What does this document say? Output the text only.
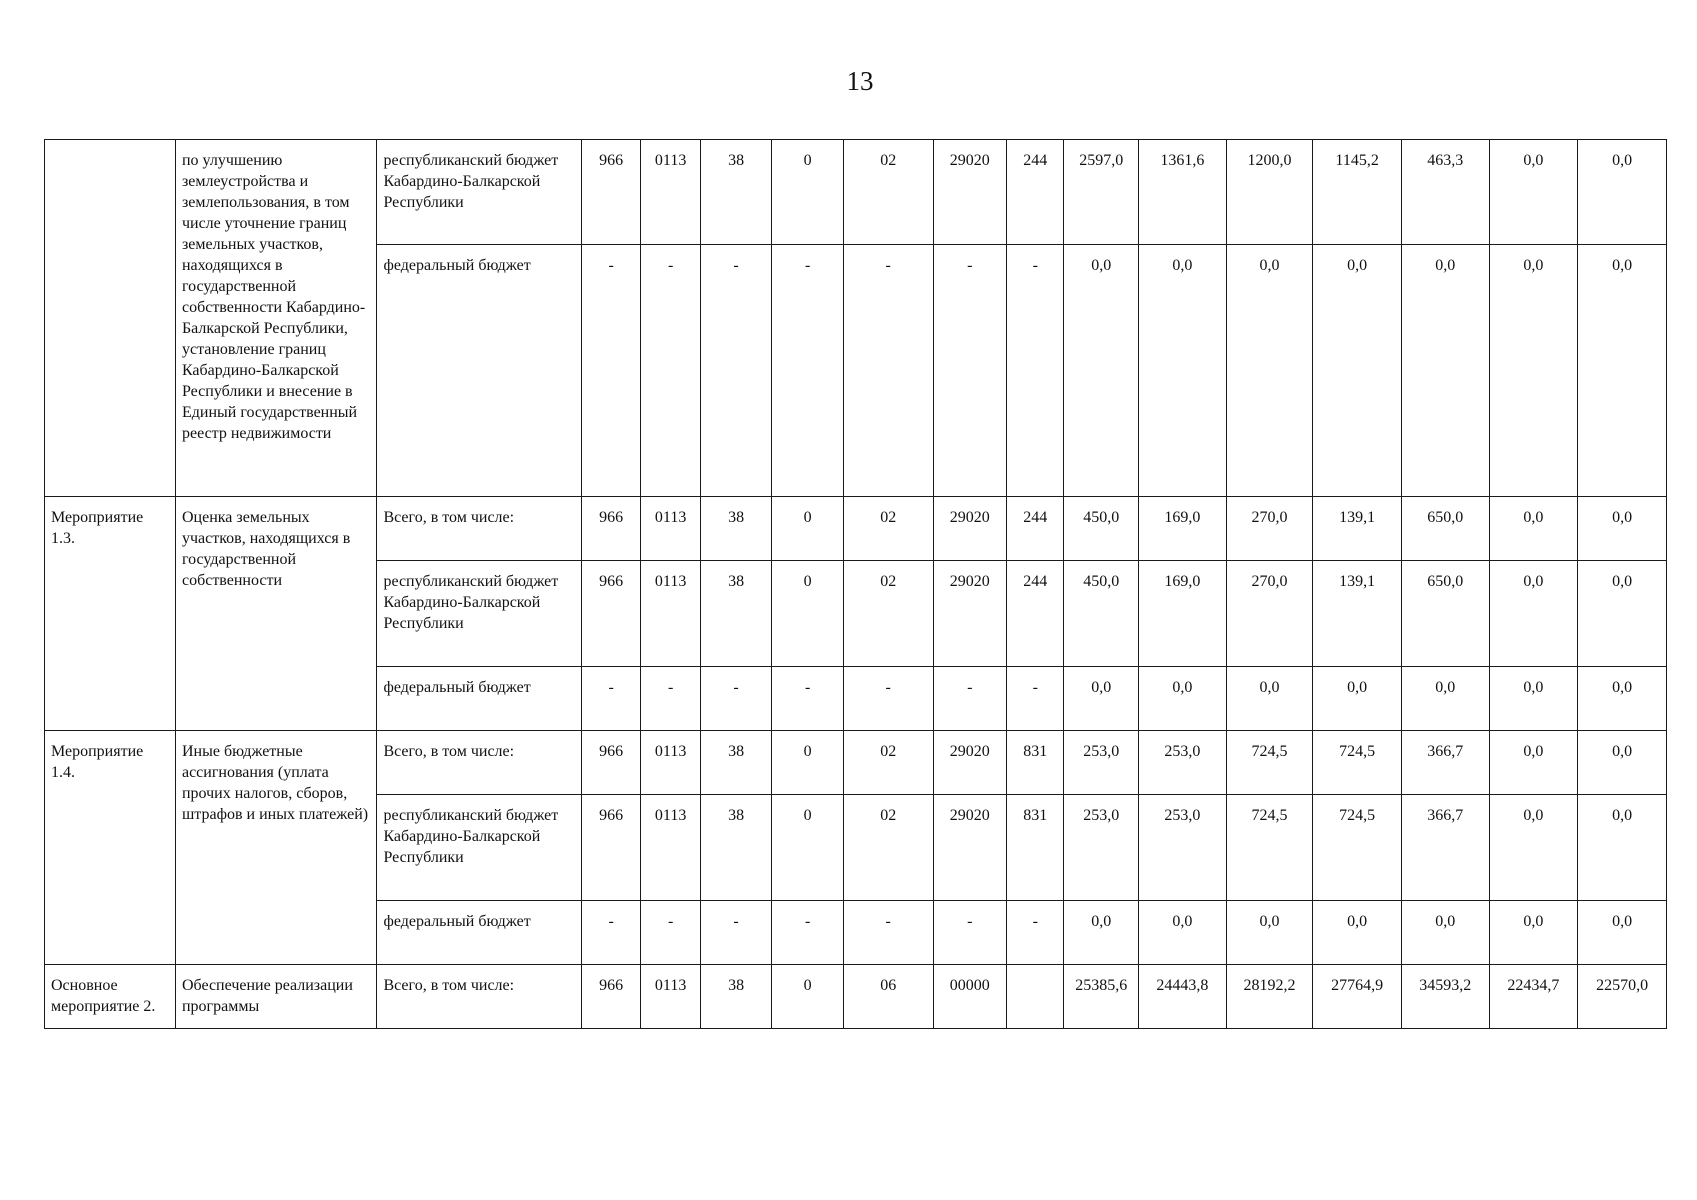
13
	по улучшению землеустройства и землепользования, в том числе уточнение границ земельных участков, находящихся в государственной собственности Кабардино-Балкарской Республики, установление границ Кабардино-Балкарской Республики и внесение в Единый государственный реестр недвижимости	республиканский бюджет Кабардино-Балкарской Республики	966	0113	38	0	02	29020	244	2597,0	1361,6	1200,0	1145,2	463,3	0,0	0,0
		федеральный бюджет	-	-	-	-	-	-	-	0,0	0,0	0,0	0,0	0,0	0,0	0,0
Мероприятие 1.3.	Оценка земельных участков, находящихся в государственной собственности	Всего, в том числе:	966	0113	38	0	02	29020	244	450,0	169,0	270,0	139,1	650,0	0,0	0,0
		республиканский бюджет Кабардино-Балкарской Республики	966	0113	38	0	02	29020	244	450,0	169,0	270,0	139,1	650,0	0,0	0,0
		федеральный бюджет	-	-	-	-	-	-	-	0,0	0,0	0,0	0,0	0,0	0,0	0,0
Мероприятие 1.4.	Иные бюджетные ассигнования (уплата прочих налогов, сборов, штрафов и иных платежей)	Всего, в том числе:	966	0113	38	0	02	29020	831	253,0	253,0	724,5	724,5	366,7	0,0	0,0
		республиканский бюджет Кабардино-Балкарской Республики	966	0113	38	0	02	29020	831	253,0	253,0	724,5	724,5	366,7	0,0	0,0
		федеральный бюджет	-	-	-	-	-	-	-	0,0	0,0	0,0	0,0	0,0	0,0	0,0
Основное мероприятие 2.	Обеспечение реализации программы	Всего, в том числе:	966	0113	38	0	06	00000		25385,6	24443,8	28192,2	27764,9	34593,2	22434,7	22570,0
